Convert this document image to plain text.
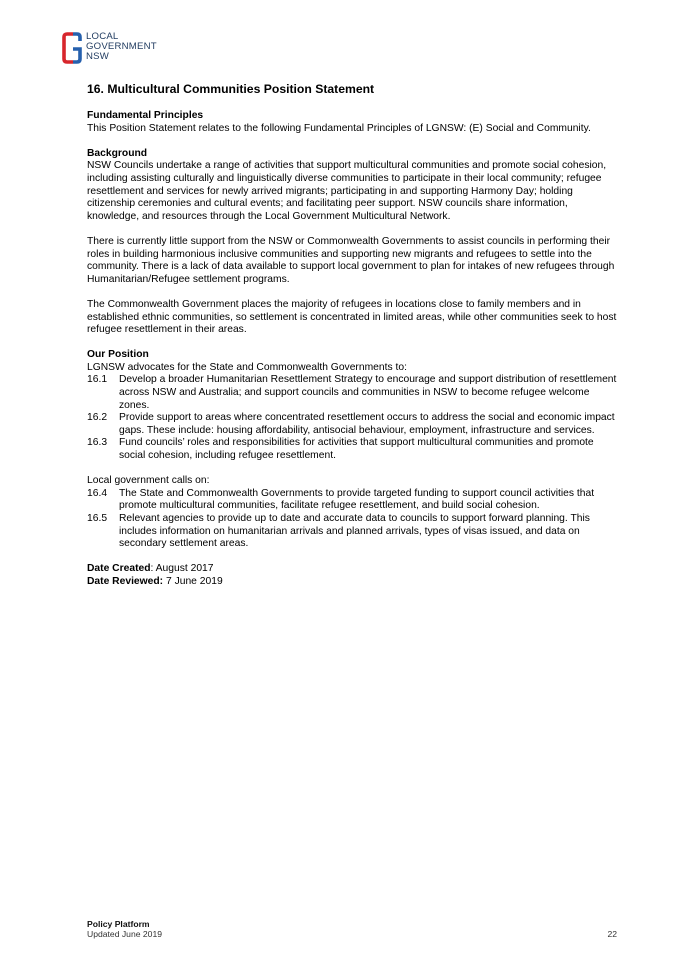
LOCAL
GOVERNMENT
NSW
16. Multicultural Communities Position Statement
Fundamental Principles

This Position Statement relates to the following Fundamental Principles of LGNSW: (E) Social and Community.

Background

NSW Councils undertake a range of activities that support multicultural communities and promote social cohesion, including assisting culturally and linguistically diverse communities to participate in their local community; refugee resettlement and services for newly arrived migrants; participating in and supporting Harmony Day; holding citizenship ceremonies and cultural events; and facilitating peer support. NSW councils share information, knowledge, and resources through the Local Government Multicultural Network.

There is currently little support from the NSW or Commonwealth Governments to assist councils in performing their roles in building harmonious inclusive communities and supporting new migrants and refugees to settle into the community. There is a lack of data available to support local government to plan for intakes of new refugees through Humanitarian/Refugee settlement programs.

The Commonwealth Government places the majority of refugees in locations close to family members and in established ethnic communities, so settlement is concentrated in limited areas, while other communities seek to host refugee resettlement in their areas.

Our Position

LGNSW advocates for the State and Commonwealth Governments to:

16.1	Develop a broader Humanitarian Resettlement Strategy to encourage and support distribution of resettlement across NSW and Australia; and support councils and communities in NSW to become refugee welcome zones.
16.2	Provide support to areas where concentrated resettlement occurs to address the social and economic impact gaps. These include: housing affordability, antisocial behaviour, employment, infrastructure and services.
16.3	Fund councils’ roles and responsibilities for activities that support multicultural communities and promote social cohesion, including refugee resettlement.

Local government calls on:

16.4	The State and Commonwealth Governments to provide targeted funding to support council activities that promote multicultural communities, facilitate refugee resettlement, and build social cohesion.
16.5	Relevant agencies to provide up to date and accurate data to councils to support forward planning. This includes information on humanitarian arrivals and planned arrivals, types of visas issued, and data on secondary settlement areas.

Date Created: August 2017

Date Reviewed: 7 June 2019

Policy Platform
Updated June 2019	22
